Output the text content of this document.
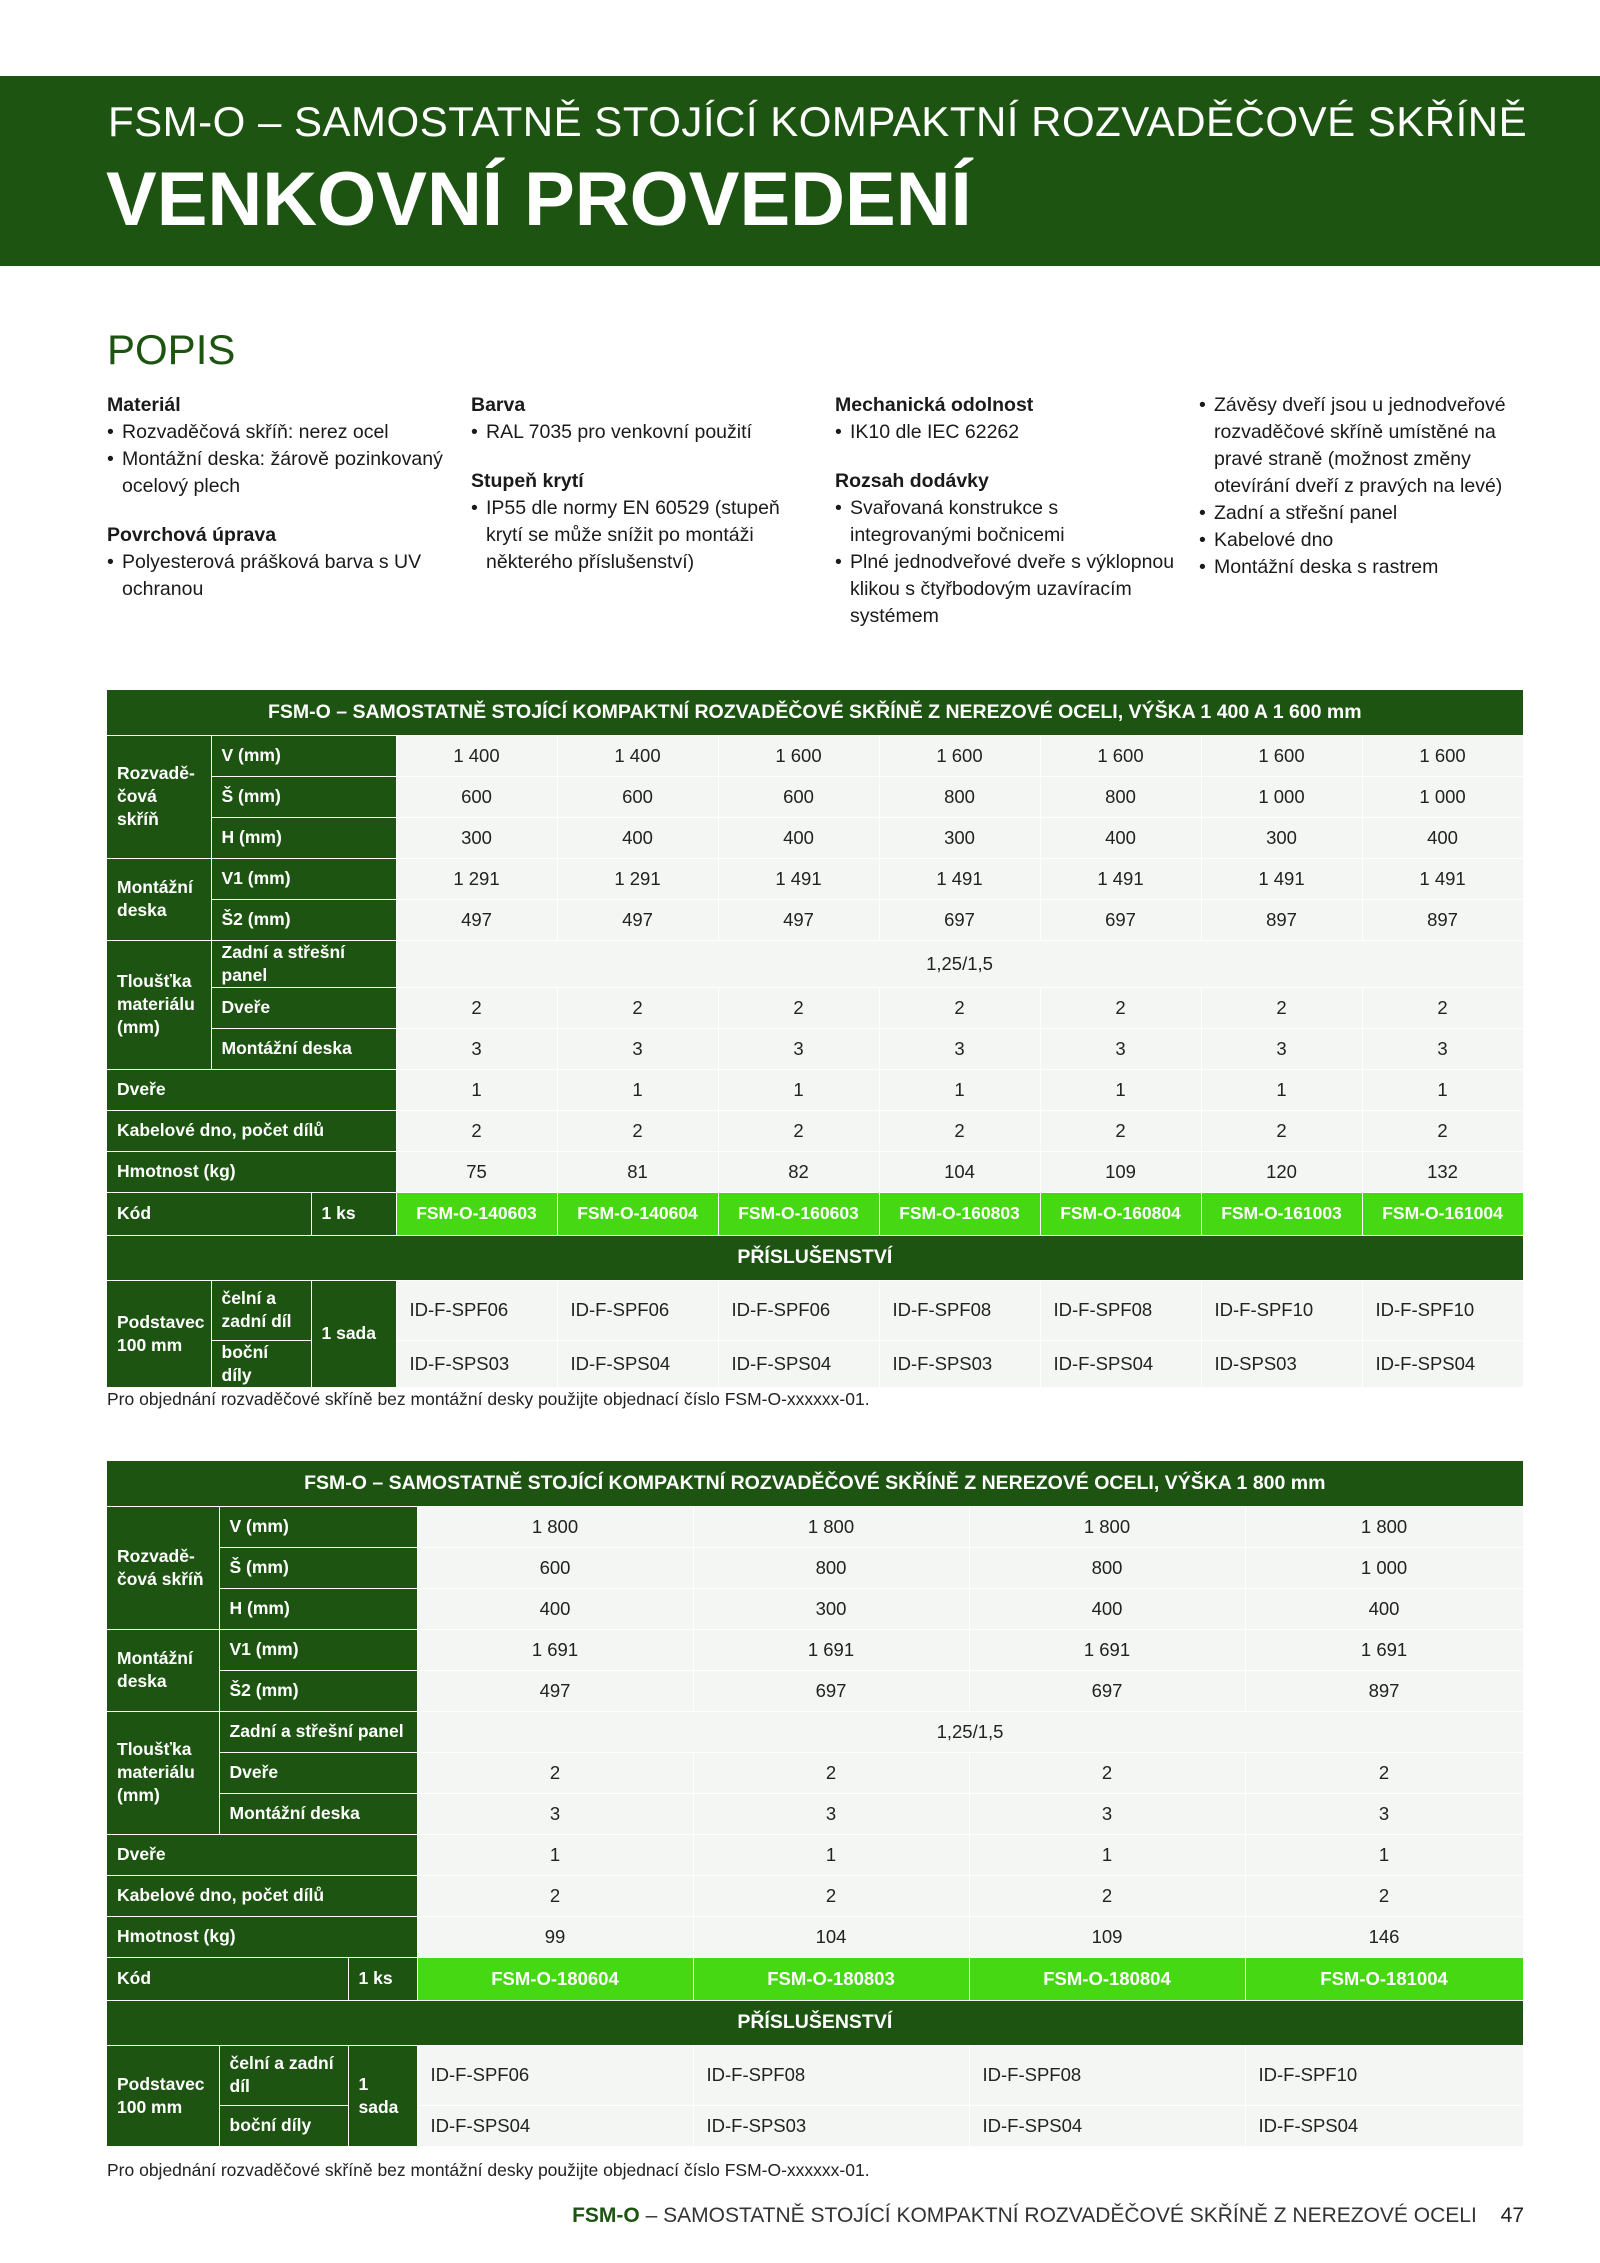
FSM-O – SAMOSTATNĚ STOJÍCÍ KOMPAKTNÍ ROZVADĚČOVÉ SKŘÍNĚ
VENKOVNÍ PROVEDENÍ
POPIS
Materiál
• Rozvaděčová skříň: nerez ocel
• Montážní deska: žárově pozinkovaný ocelový plech
Povrchová úprava
• Polyesterová prášková barva s UV ochranou
Barva
• RAL 7035 pro venkovní použití
Stupeň krytí
• IP55 dle normy EN 60529 (stupeň krytí se může snížit po montáži některého příslušenství)
Mechanická odolnost
• IK10 dle IEC 62262
Rozsah dodávky
• Svařovaná konstrukce s integrovanými bočnicemi
• Plné jednodveřové dveře s výklopnou klikou s čtyřbodovým uzavíracím systémem
• Závěsy dveří jsou u jednodveřové rozvaděčové skříně umístěné na pravé straně (možnost změny otevírání dveří z pravých na levé)
• Zadní a střešní panel
• Kabelové dno
• Montážní deska s rastrem
FSM-O – SAMOSTATNĚ STOJÍCÍ KOMPAKTNÍ ROZVADĚČOVÉ SKŘÍNĚ Z NEREZOVÉ OCELI, VÝŠKA 1 400 A 1 600 mm									
Rozvadě-čová skříň	V (mm)		1 400	1 400	1 600	1 600	1 600	1 600	1 600
	Š (mm)		600	600	600	800	800	1 000	1 000
	H (mm)		300	400	400	300	400	300	400
Montážní deska	V1 (mm)		1 291	1 291	1 491	1 491	1 491	1 491	1 491
	Š2 (mm)		497	497	497	697	697	897	897
Tloušťka materiálu (mm)	Zadní a střešní panel		1,25/1,5						
	Dveře		2	2	2	2	2	2	2
	Montážní deska		3	3	3	3	3	3	3
Dveře			1	1	1	1	1	1	1
Kabelové dno, počet dílů			2	2	2	2	2	2	2
Hmotnost (kg)			75	81	82	104	109	120	132
Kód		1 ks	FSM-O-140603	FSM-O-140604	FSM-O-160603	FSM-O-160803	FSM-O-160804	FSM-O-161003	FSM-O-161004
PŘÍSLUŠENSTVÍ									
Podstavec 100 mm	čelní a zadní díl	1 sada	ID-F-SPF06	ID-F-SPF06	ID-F-SPF06	ID-F-SPF08	ID-F-SPF08	ID-F-SPF10	ID-F-SPF10
	boční díly		ID-F-SPS03	ID-F-SPS04	ID-F-SPS04	ID-F-SPS03	ID-F-SPS04	ID-SPS03	ID-F-SPS04
Pro objednání rozvaděčové skříně bez montážní desky použijte objednací číslo FSM-O-xxxxxx-01.
FSM-O – SAMOSTATNĚ STOJÍCÍ KOMPAKTNÍ ROZVADĚČOVÉ SKŘÍNĚ Z NEREZOVÉ OCELI, VÝŠKA 1 800 mm						
Rozvadě-čová skříň	V (mm)		1 800	1 800	1 800	1 800
	Š (mm)		600	800	800	1 000
	H (mm)		400	300	400	400
Montážní deska	V1 (mm)		1 691	1 691	1 691	1 691
	Š2 (mm)		497	697	697	897
Tloušťka materiálu (mm)	Zadní a střešní panel		1,25/1,5			
	Dveře		2	2	2	2
	Montážní deska		3	3	3	3
Dveře			1	1	1	1
Kabelové dno, počet dílů			2	2	2	2
Hmotnost (kg)			99	104	109	146
Kód		1 ks	FSM-O-180604	FSM-O-180803	FSM-O-180804	FSM-O-181004
PŘÍSLUŠENSTVÍ						
Podstavec 100 mm	čelní a zadní díl	1 sada	ID-F-SPF06	ID-F-SPF08	ID-F-SPF08	ID-F-SPF10
	boční díly		ID-F-SPS04	ID-F-SPS03	ID-F-SPS04	ID-F-SPS04
Pro objednání rozvaděčové skříně bez montážní desky použijte objednací číslo FSM-O-xxxxxx-01.
FSM-O – SAMOSTATNĚ STOJÍCÍ KOMPAKTNÍ ROZVADĚČOVÉ SKŘÍNĚ Z NEREZOVÉ OCELI 47
